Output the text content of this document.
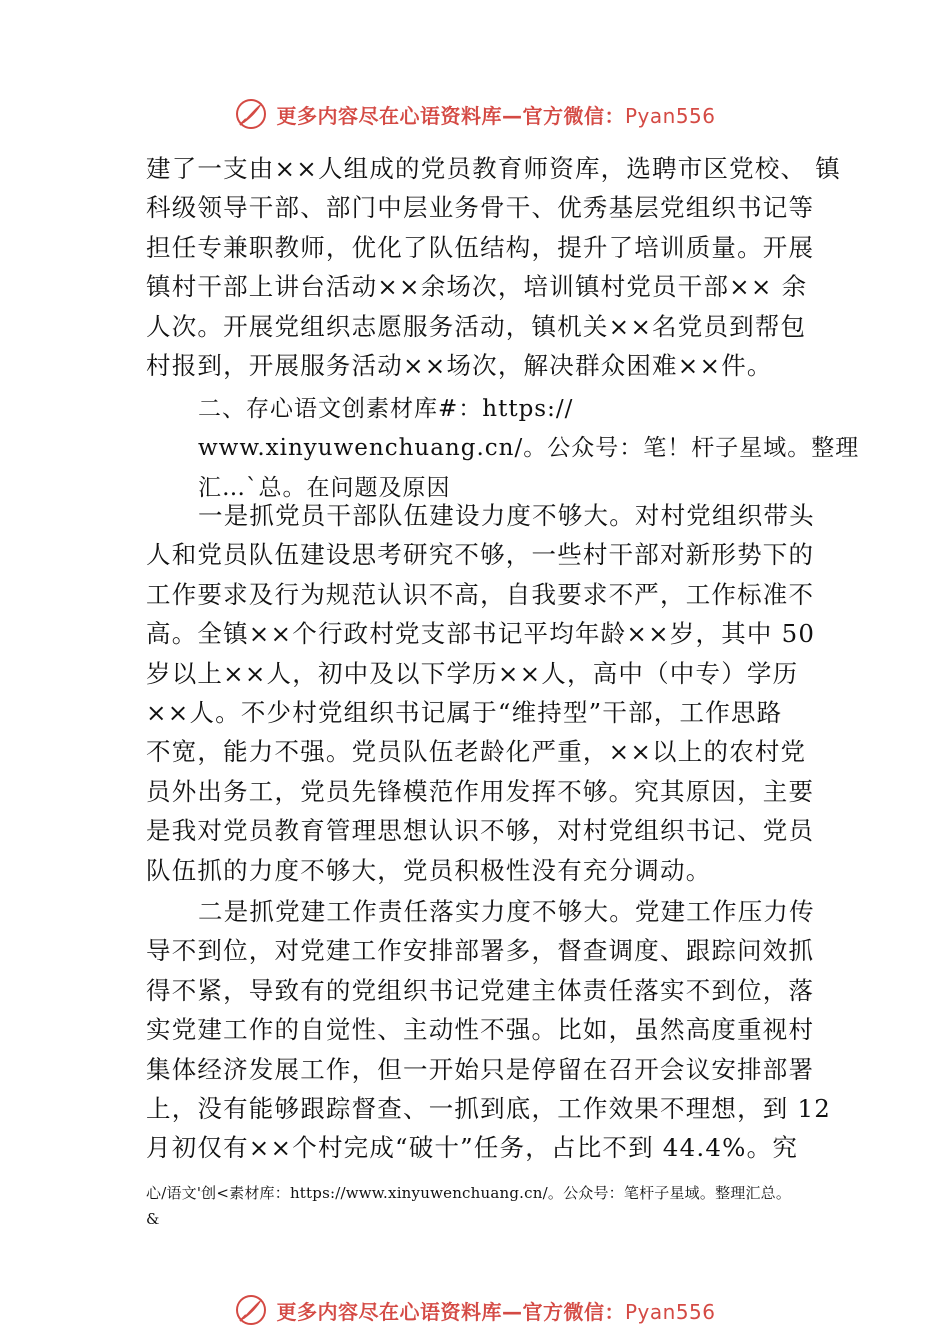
更多内容尽在心语资料库—官方微信：Pyan556
建了一支由××人组成的党员教育师资库，选聘市区党校、 镇
科级领导干部、部门中层业务骨干、优秀基层党组织书记等
担任专兼职教师，优化了队伍结构，提升了培训质量。开展
镇村干部上讲台活动××余场次，培训镇村党员干部×× 余
人次。开展党组织志愿服务活动，镇机关××名党员到帮包
村报到，开展服务活动××场次，解决群众困难××件。
二、存心语文创素材库#：https://
www.xinyuwenchuang.cn/。公众号：笔！杆子星域。整理
汇…`总。在问题及原因
一是抓党员干部队伍建设力度不够大。对村党组织带头
人和党员队伍建设思考研究不够，一些村干部对新形势下的
工作要求及行为规范认识不高，自我要求不严，工作标准不
高。全镇××个行政村党支部书记平均年龄××岁，其中 50
岁以上××人，初中及以下学历××人，高中（中专）学历
××人。不少村党组织书记属于“维持型”干部，工作思路
不宽，能力不强。党员队伍老龄化严重，××以上的农村党
员外出务工，党员先锋模范作用发挥不够。究其原因，主要
是我对党员教育管理思想认识不够，对村党组织书记、党员
队伍抓的力度不够大，党员积极性没有充分调动。
二是抓党建工作责任落实力度不够大。党建工作压力传
导不到位，对党建工作安排部署多，督查调度、跟踪问效抓
得不紧，导致有的党组织书记党建主体责任落实不到位，落
实党建工作的自觉性、主动性不强。比如，虽然高度重视村
集体经济发展工作，但一开始只是停留在召开会议安排部署
上，没有能够跟踪督查、一抓到底，工作效果不理想，到 12
月初仅有××个村完成“破十”任务，占比不到 44.4%。究
心/语文'创<素材库：https://www.xinyuwenchuang.cn/。公众号：笔杆子星域。整理汇总。
&
更多内容尽在心语资料库—官方微信：Pyan556
